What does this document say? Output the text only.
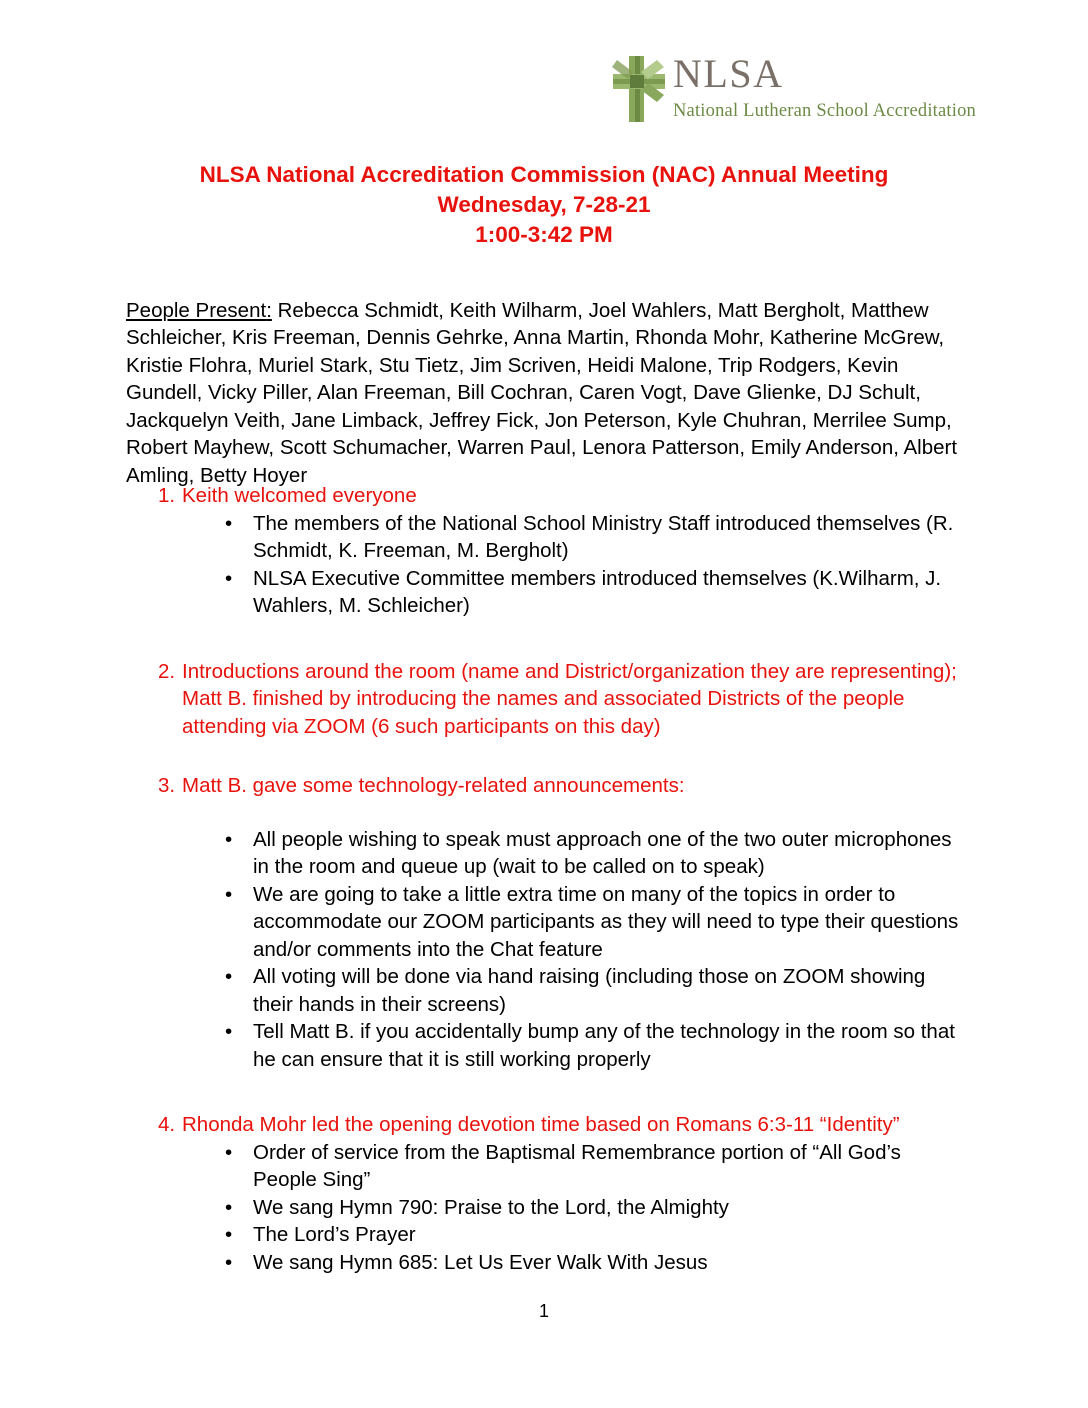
NLSA
National Lutheran School Accreditation
NLSA National Accreditation Commission (NAC) Annual Meeting
Wednesday, 7-28-21
1:00-3:42 PM

People Present: Rebecca Schmidt, Keith Wilharm, Joel Wahlers, Matt Bergholt, Matthew Schleicher, Kris Freeman, Dennis Gehrke, Anna Martin, Rhonda Mohr, Katherine McGrew, Kristie Flohra, Muriel Stark, Stu Tietz, Jim Scriven, Heidi Malone, Trip Rodgers, Kevin Gundell, Vicky Piller, Alan Freeman, Bill Cochran, Caren Vogt, Dave Glienke, DJ Schult, Jackquelyn Veith, Jane Limback, Jeffrey Fick, Jon Peterson, Kyle Chuhran, Merrilee Sump, Robert Mayhew, Scott Schumacher, Warren Paul, Lenora Patterson, Emily Anderson, Albert Amling, Betty Hoyer

1. Keith welcomed everyone
• The members of the National School Ministry Staff introduced themselves (R. Schmidt, K. Freeman, M. Bergholt)
• NLSA Executive Committee members introduced themselves (K.Wilharm, J. Wahlers, M. Schleicher)
2. Introductions around the room (name and District/organization they are representing); Matt B. finished by introducing the names and associated Districts of the people attending via ZOOM (6 such participants on this day)
3. Matt B. gave some technology-related announcements:
• All people wishing to speak must approach one of the two outer microphones in the room and queue up (wait to be called on to speak)
• We are going to take a little extra time on many of the topics in order to accommodate our ZOOM participants as they will need to type their questions and/or comments into the Chat feature
• All voting will be done via hand raising (including those on ZOOM showing their hands in their screens)
• Tell Matt B. if you accidentally bump any of the technology in the room so that he can ensure that it is still working properly
4. Rhonda Mohr led the opening devotion time based on Romans 6:3-11 “Identity”
• Order of service from the Baptismal Remembrance portion of “All God’s People Sing”
• We sang Hymn 790: Praise to the Lord, the Almighty
• The Lord’s Prayer
• We sang Hymn 685: Let Us Ever Walk With Jesus
1
